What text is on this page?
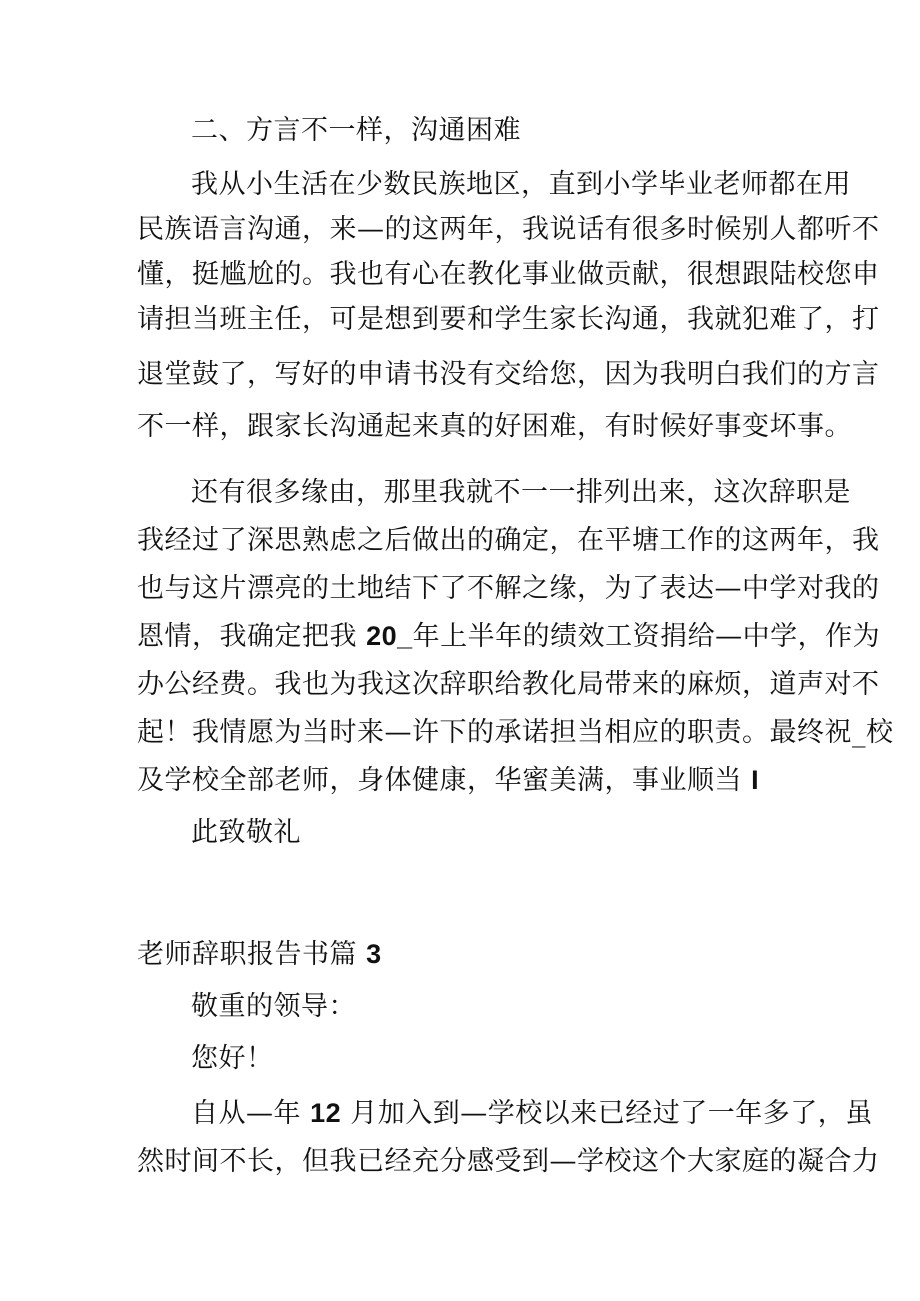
二、方言不一样，沟通困难
我从小生活在少数民族地区，直到小学毕业老师都在用
民族语言沟通，来—的这两年，我说话有很多时候别人都听不
懂，挺尴尬的。我也有心在教化事业做贡献，很想跟陆校您申
请担当班主任，可是想到要和学生家长沟通，我就犯难了，打
退堂鼓了，写好的申请书没有交给您，因为我明白我们的方言
不一样，跟家长沟通起来真的好困难，有时候好事变坏事。
还有很多缘由，那里我就不一一排列出来，这次辞职是
我经过了深思熟虑之后做出的确定，在平塘工作的这两年，我
也与这片漂亮的土地结下了不解之缘，为了表达—中学对我的
恩情，我确定把我 20_年上半年的绩效工资捐给—中学，作为
办公经费。我也为我这次辞职给教化局带来的麻烦，道声对不
起！我情愿为当时来—许下的承诺担当相应的职责。最终祝_校
及学校全部老师，身体健康，华蜜美满，事业顺当 I
此致敬礼
老师辞职报告书篇 3
敬重的领导：
您好！
自从—年 12 月加入到—学校以来已经过了一年多了，虽
然时间不长，但我已经充分感受到—学校这个大家庭的凝合力
